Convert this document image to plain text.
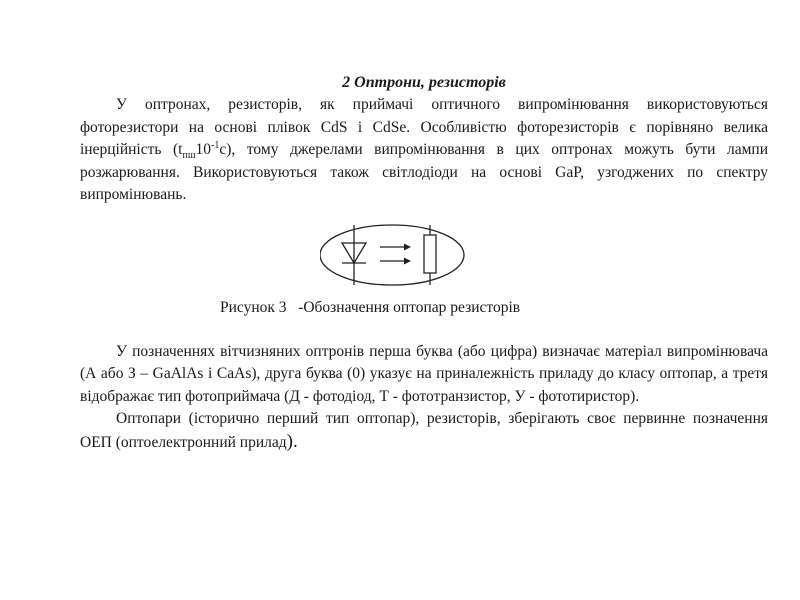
2 Оптрони, резисторів

У оптронах, резисторів, як приймачі оптичного випромінювання використовуються фоторезистори на основі плівок CdS і CdSe. Особливістю фоторезисторів є порівняно велика інерційність $(t_{пш}10^{-1}с)$, тому джерелами випромінювання в цих оптронах можуть бути лампи розжарювання. Використовуються також світлодіоди на основі GaP, узгоджених по спектру випромінювань.

Рисунок 3 -Обозначення оптопар резисторів

У позначеннях вітчизняних оптронів перша буква (або цифра) визначає матеріал випромінювача (А або З – GaAlAs і CaAs), друга буква (0) указує на приналежність приладу до класу оптопар, а третя відображає тип фотоприймача (Д - фотодіод, Т - фототранзистор, У - фототиристор).

Оптопари (історично перший тип оптопар), резисторів, зберігають своє первинне позначення ОЕП (оптоелектронний прилад).
